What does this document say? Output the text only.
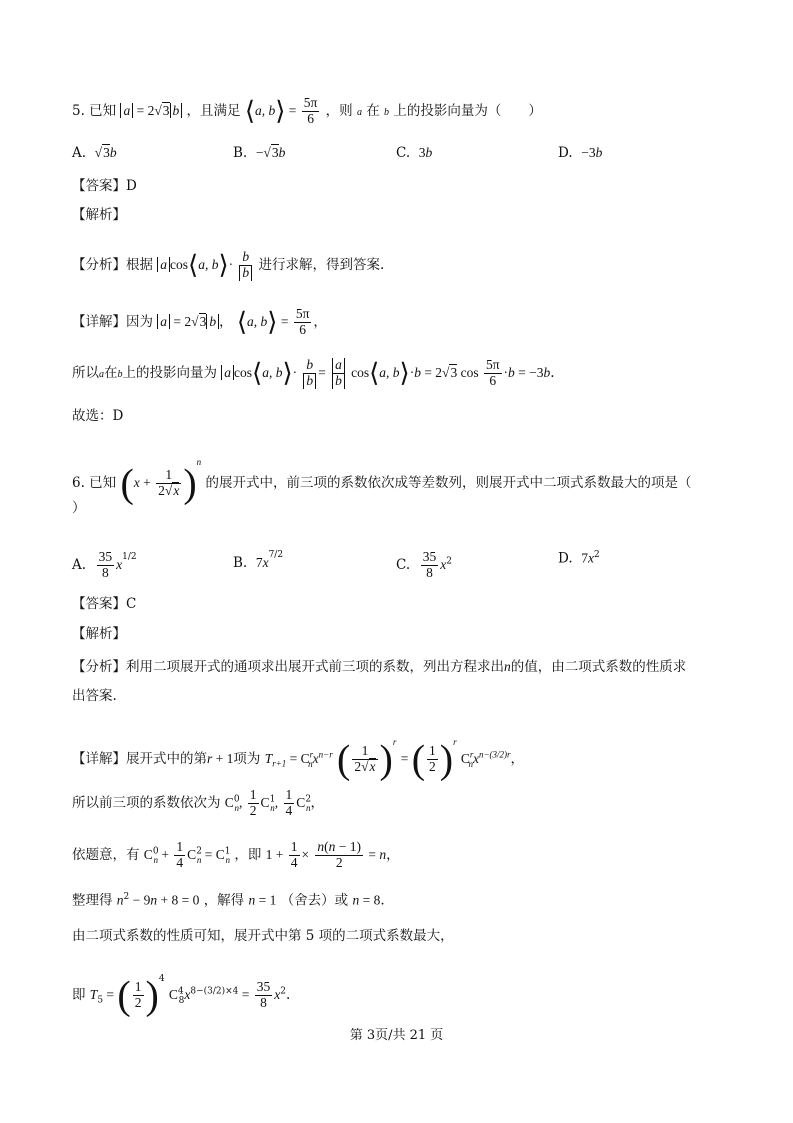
5. 已知 a = 2√3 b ，且满足 ⟨a, b⟩ = $\frac{5\pi}{6}$ ，则 a 在 b 上的投影向量为（　　）
A. √3b	B. −√3b	C. 3b	D. −3b
【答案】D
【解析】
【分析】根据 a cos⟨a, b⟩· $\frac{b}{b}$ 进行求解，得到答案.
【详解】因为 a = 2√3 b ， ⟨a, b⟩ = $\frac{5\pi}{6}$ ，
所以a在b上的投影向量为 a cos⟨a, b⟩· $\frac{b}{b} = \frac{a}{b}$ cos⟨a, b⟩·b = 2√3 $\cos \frac{5\pi}{6} \cdot b = -3b$.
故选：D
6. 已知 $(x + \frac{1}{2√x} )^n$ 的展开式中，前三项的系数依次成等差数列，则展开式中二项式系数最大的项是（
）
A. $\frac{35}{8} x^{1/2}$	B. $7x^{7/2}$
C. $\frac{35}{8} x^2$	D. $7x^2$
【答案】C
【解析】
【分析】利用二项展开式的通项求出展开式前三项的系数，列出方程求出n的值，由二项式系数的性质求
出答案.
【详解】展开式中的第r + 1项为 $T_{r+1} = C^r_nx^{n-r}$ ( $\frac{1}{2√x} )^r$ = ( $\frac{1}{2} )^r$ $C^r_nx^{n-(3/2)r}$，
所以前三项的系数依次为 $C^0_n$, $\frac{1}{2} C^1_n$, $\frac{1}{4} C^2_n$，
依题意，有 $C^0_n + \frac{1}{4} C^2_n = C^1_n$ ，即 $1 + \frac{1}{4} \times \frac{n(n - 1)}{2} = n$，
整理得 $n^2 - 9n + 8 = 0$ ，解得 n = 1 （舍去）或 n = 8.
由二项式系数的性质可知，展开式中第 5 项的二项式系数最大，
即 $T_5$ = ( $\frac{1}{2} )^4$ $C^4_8x^{8-(3/2)\times 4} = \frac{35}{8} x^2$.
第 3页/共 21 页
